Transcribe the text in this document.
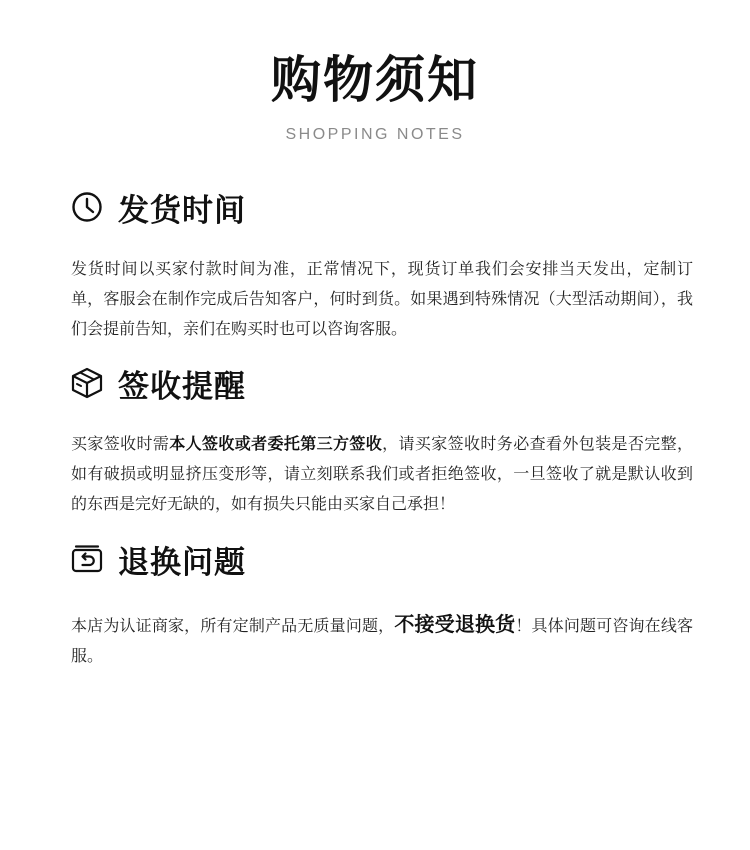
购物须知
SHOPPING NOTES
发货时间
发货时间以买家付款时间为准，正常情况下，现货订单我们会安排当天发出，定制订单，客服会在制作完成后告知客户，何时到货。如果遇到特殊情况（大型活动期间），我们会提前告知，亲们在购买时也可以咨询客服。
签收提醒
买家签收时需本人签收或者委托第三方签收，请买家签收时务必查看外包装是否完整，如有破损或明显挤压变形等，请立刻联系我们或者拒绝签收，一旦签收了就是默认收到的东西是完好无缺的，如有损失只能由买家自己承担！
退换问题
本店为认证商家，所有定制产品无质量问题，不接受退换货！具体问题可咨询在线客服。
